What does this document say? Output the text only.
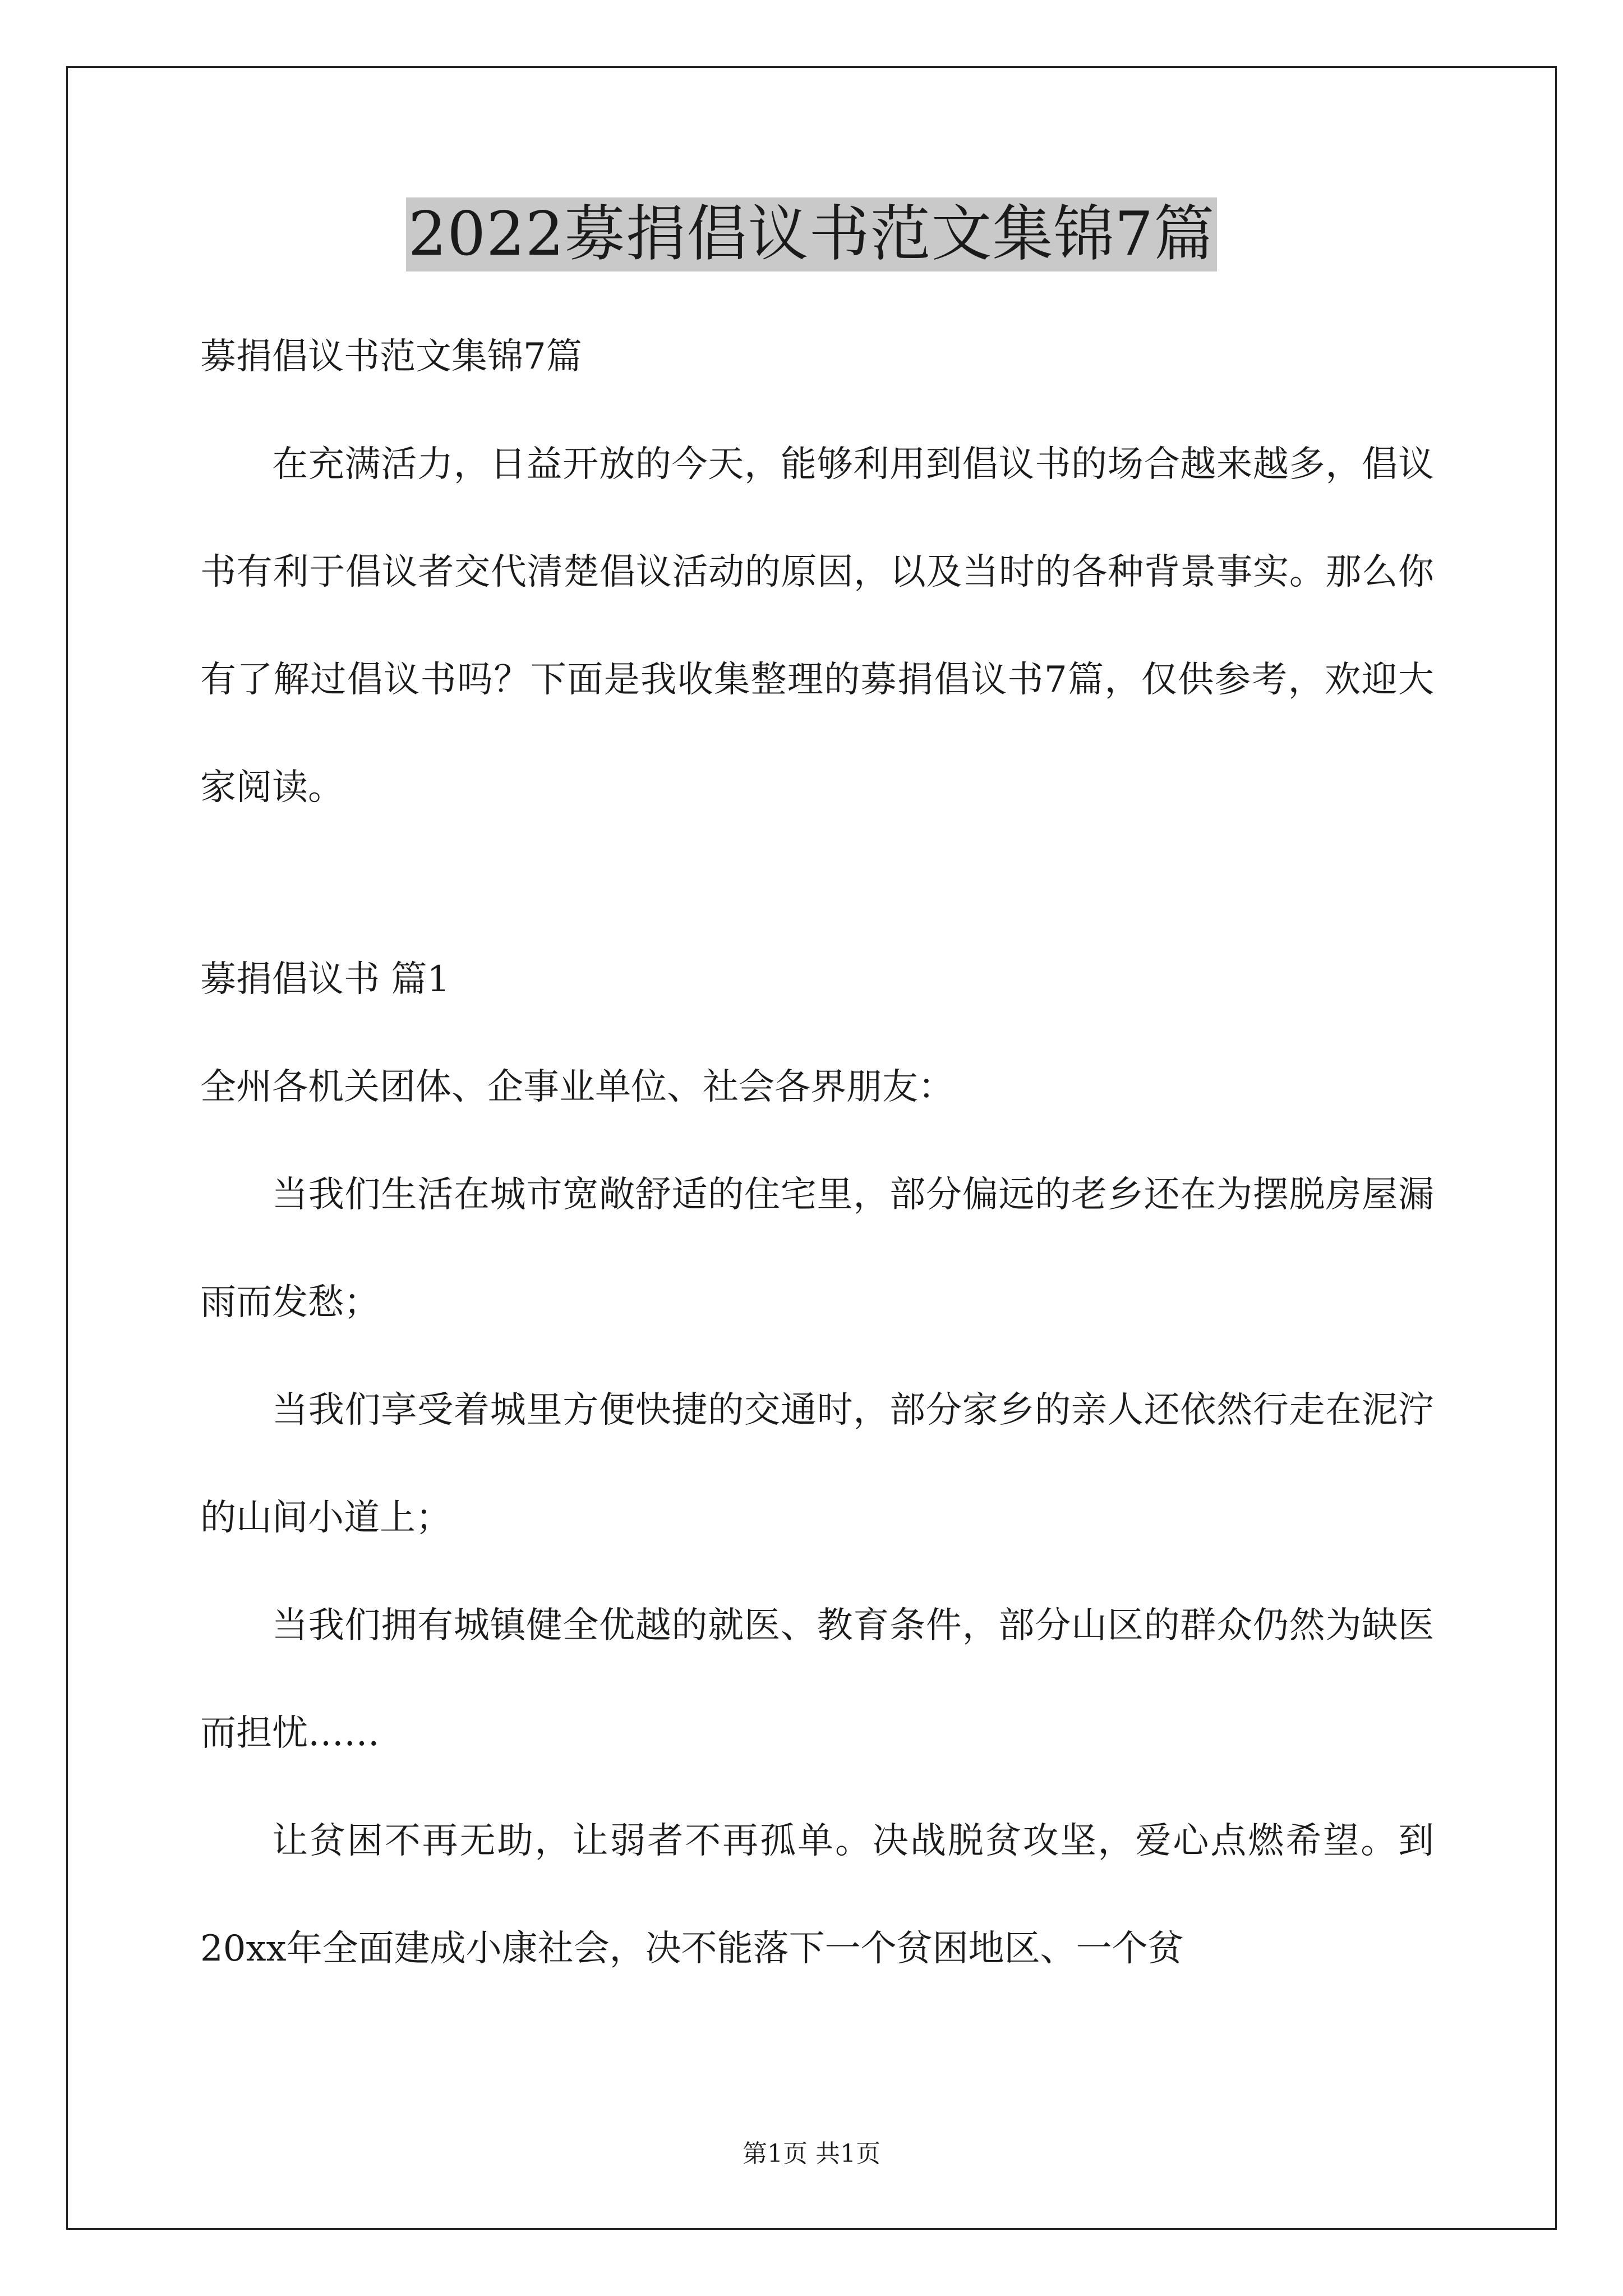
2022募捐倡议书范文集锦7篇
募捐倡议书范文集锦7篇

在充满活力，日益开放的今天，能够利用到倡议书的场合越来越多，倡议书有利于倡议者交代清楚倡议活动的原因，以及当时的各种背景事实。那么你有了解过倡议书吗？下面是我收集整理的募捐倡议书7篇，仅供参考，欢迎大家阅读。

募捐倡议书 篇1
全州各机关团体、企事业单位、社会各界朋友：

当我们生活在城市宽敞舒适的住宅里，部分偏远的老乡还在为摆脱房屋漏雨而发愁；

当我们享受着城里方便快捷的交通时，部分家乡的亲人还依然行走在泥泞的山间小道上；

当我们拥有城镇健全优越的就医、教育条件，部分山区的群众仍然为缺医而担忧……

让贫困不再无助，让弱者不再孤单。决战脱贫攻坚，爱心点燃希望。到20xx年全面建成小康社会，决不能落下一个贫困地区、一个贫

第1页 共1页
